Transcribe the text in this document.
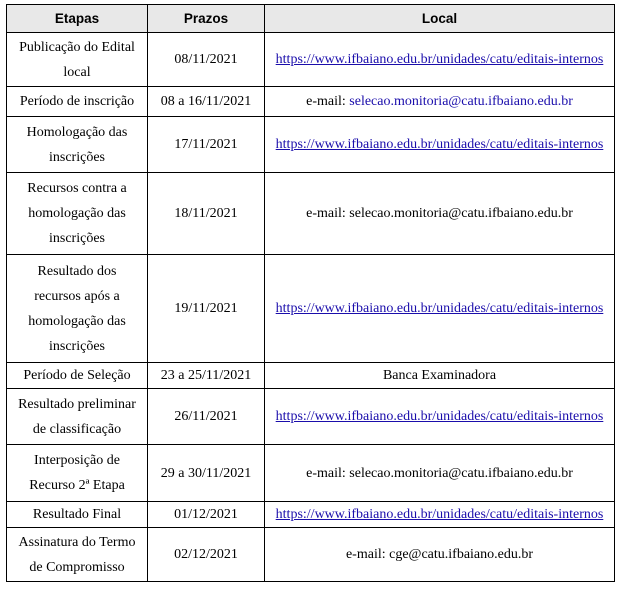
Etapas	Prazos	Local
Publicação do Edital local	08/11/2021	https://www.ifbaiano.edu.br/unidades/catu/editais-internos
Período de inscrição	08 a 16/11/2021	e-mail: selecao.monitoria@catu.ifbaiano.edu.br
Homologação das inscrições	17/11/2021	https://www.ifbaiano.edu.br/unidades/catu/editais-internos
Recursos contra a homologação das inscrições	18/11/2021	e-mail: selecao.monitoria@catu.ifbaiano.edu.br
Resultado dos recursos após a homologação das inscrições	19/11/2021	https://www.ifbaiano.edu.br/unidades/catu/editais-internos
Período de Seleção	23 a 25/11/2021	Banca Examinadora
Resultado preliminar de classificação	26/11/2021	https://www.ifbaiano.edu.br/unidades/catu/editais-internos
Interposição de Recurso 2ª Etapa	29 a 30/11/2021	e-mail: selecao.monitoria@catu.ifbaiano.edu.br
Resultado Final	01/12/2021	https://www.ifbaiano.edu.br/unidades/catu/editais-internos
Assinatura do Termo de Compromisso	02/12/2021	e-mail: cge@catu.ifbaiano.edu.br
